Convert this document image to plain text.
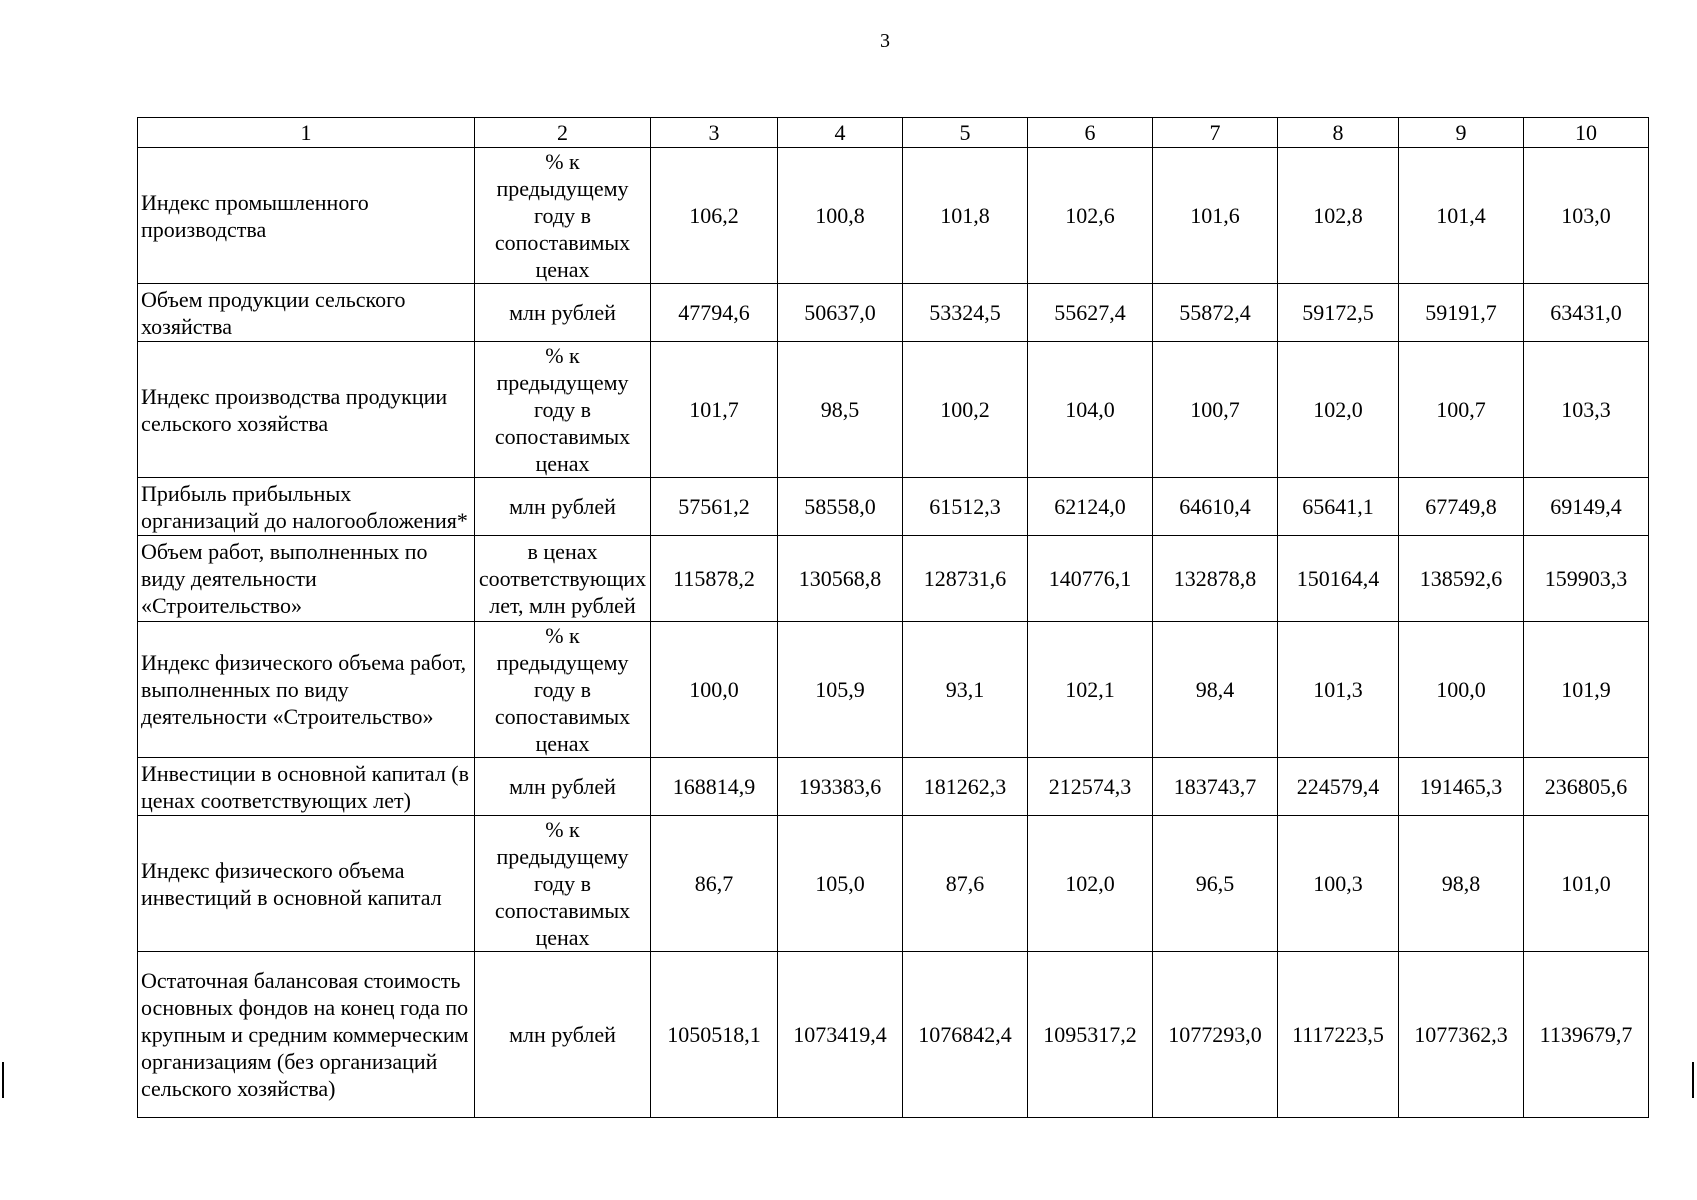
3
1	2	3	4	5	6	7	8	9	10
Индекс промышленного производства	% к предыдущему году в сопоставимых ценах	106,2	100,8	101,8	102,6	101,6	102,8	101,4	103,0
Объем продукции сельского хозяйства	млн рублей	47794,6	50637,0	53324,5	55627,4	55872,4	59172,5	59191,7	63431,0
Индекс производства продукции сельского хозяйства	% к предыдущему году в сопоставимых ценах	101,7	98,5	100,2	104,0	100,7	102,0	100,7	103,3
Прибыль прибыльных организаций до налогообложения*	млн рублей	57561,2	58558,0	61512,3	62124,0	64610,4	65641,1	67749,8	69149,4
Объем работ, выполненных по виду деятельности «Строительство»	в ценах соответствующих лет, млн рублей	115878,2	130568,8	128731,6	140776,1	132878,8	150164,4	138592,6	159903,3
Индекс физического объема работ, выполненных по виду деятельности «Строительство»	% к предыдущему году в сопоставимых ценах	100,0	105,9	93,1	102,1	98,4	101,3	100,0	101,9
Инвестиции в основной капитал (в ценах соответствующих лет)	млн рублей	168814,9	193383,6	181262,3	212574,3	183743,7	224579,4	191465,3	236805,6
Индекс физического объема инвестиций в основной капитал	% к предыдущему году в сопоставимых ценах	86,7	105,0	87,6	102,0	96,5	100,3	98,8	101,0
Остаточная балансовая стоимость основных фондов на конец года по крупным и средним коммерческим организациям (без организаций сельского хозяйства)	млн рублей	1050518,1	1073419,4	1076842,4	1095317,2	1077293,0	1117223,5	1077362,3	1139679,7
